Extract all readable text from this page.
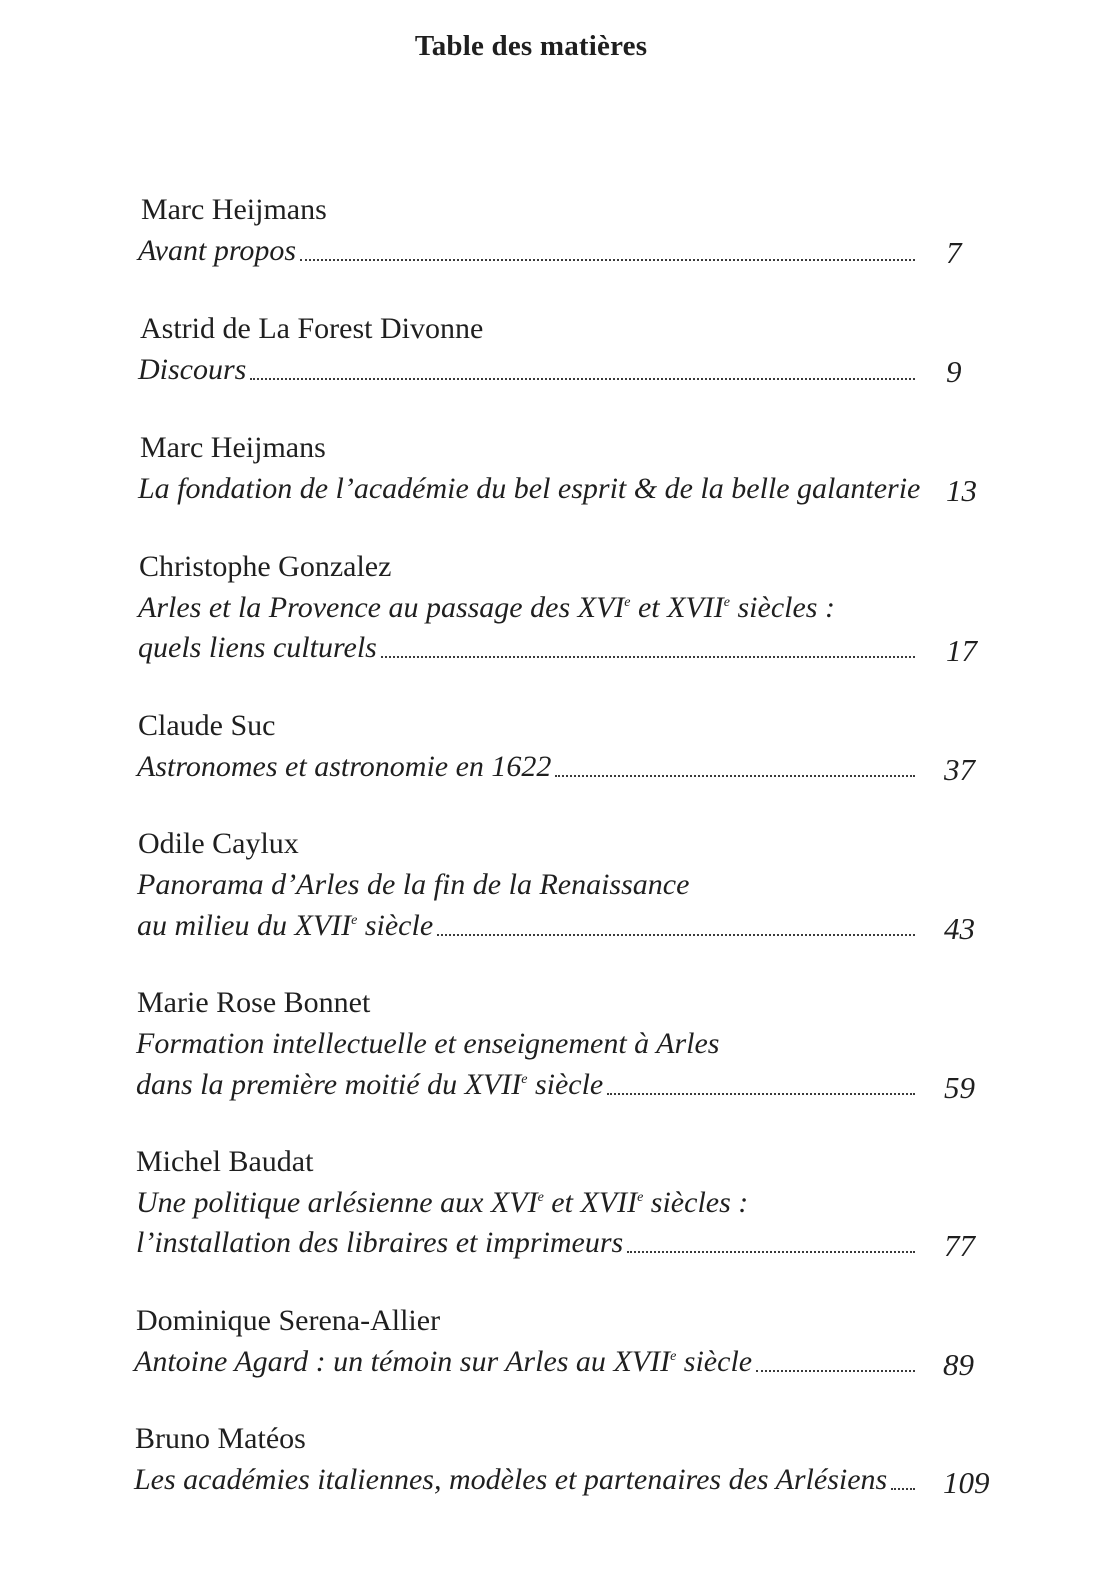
Table des matières
Marc Heijmans
Avant propos	7
Astrid de La Forest Divonne
Discours	9
Marc Heijmans
La fondation de l’académie du bel esprit & de la belle galanterie 13
Christophe Gonzalez
Arles et la Provence au passage des XVIe et XVIIe siècles :
quels liens culturels	17
Claude Suc
Astronomes et astronomie en 1622	37
Odile Caylux
Panorama d’Arles de la fin de la Renaissance
au milieu du XVIIe siècle	43
Marie Rose Bonnet
Formation intellectuelle et enseignement à Arles
dans la première moitié du XVIIe siècle	59
Michel Baudat
Une politique arlésienne aux XVIe et XVIIe siècles :
l’installation des libraires et imprimeurs	77
Dominique Serena-Allier
Antoine Agard : un témoin sur Arles au XVIIe siècle	89
Bruno Matéos
Les académies italiennes, modèles et partenaires des Arlésiens 109
